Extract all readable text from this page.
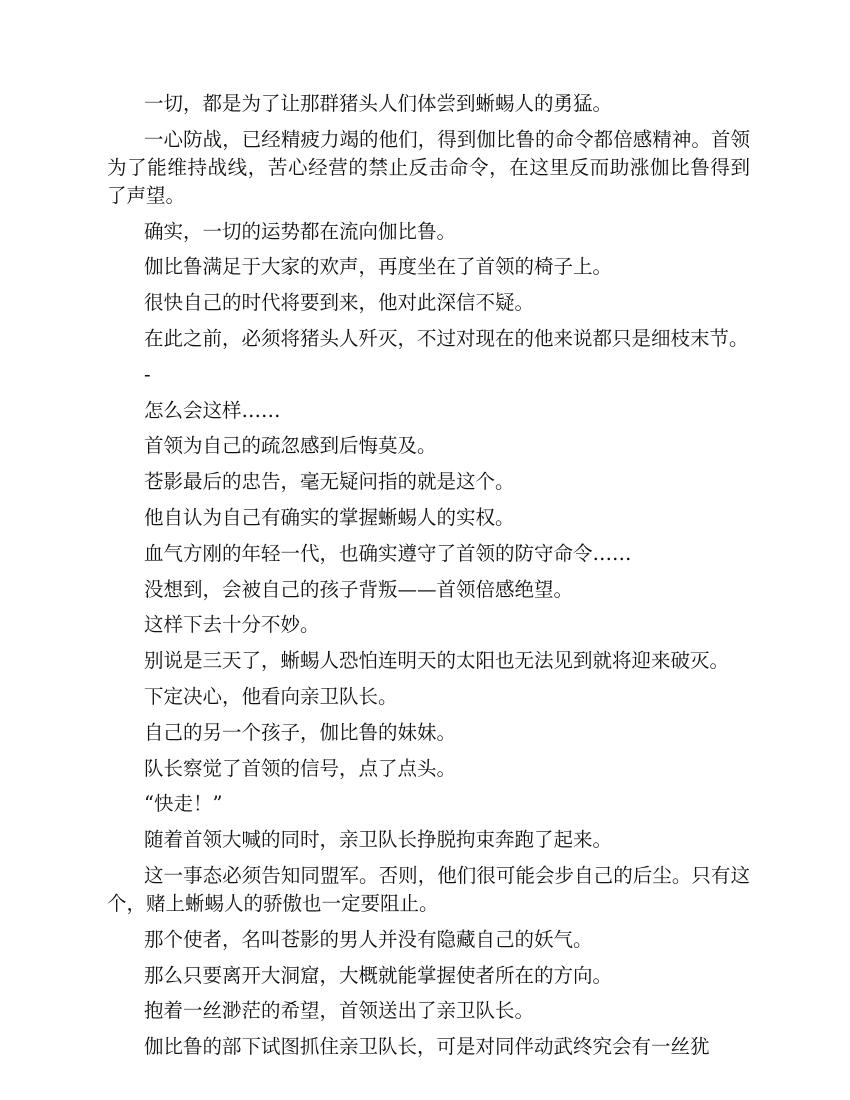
一切，都是为了让那群猪头人们体尝到蜥蜴人的勇猛。

一心防战，已经精疲力竭的他们，得到伽比鲁的命令都倍感精神。首领为了能维持战线，苦心经营的禁止反击命令，在这里反而助涨伽比鲁得到了声望。

确实，一切的运势都在流向伽比鲁。

伽比鲁满足于大家的欢声，再度坐在了首领的椅子上。

很快自己的时代将要到来，他对此深信不疑。

在此之前，必须将猪头人歼灭，不过对现在的他来说都只是细枝末节。

-

怎么会这样……

首领为自己的疏忽感到后悔莫及。

苍影最后的忠告，毫无疑问指的就是这个。

他自认为自己有确实的掌握蜥蜴人的实权。

血气方刚的年轻一代，也确实遵守了首领的防守命令……

没想到，会被自己的孩子背叛——首领倍感绝望。

这样下去十分不妙。

别说是三天了，蜥蜴人恐怕连明天的太阳也无法见到就将迎来破灭。

下定决心，他看向亲卫队长。

自己的另一个孩子，伽比鲁的妹妹。

队长察觉了首领的信号，点了点头。

“快走！”

随着首领大喊的同时，亲卫队长挣脱拘束奔跑了起来。

这一事态必须告知同盟军。否则，他们很可能会步自己的后尘。只有这个，赌上蜥蜴人的骄傲也一定要阻止。

那个使者，名叫苍影的男人并没有隐藏自己的妖气。

那么只要离开大洞窟，大概就能掌握使者所在的方向。

抱着一丝渺茫的希望，首领送出了亲卫队长。

伽比鲁的部下试图抓住亲卫队长，可是对同伴动武终究会有一丝犹
